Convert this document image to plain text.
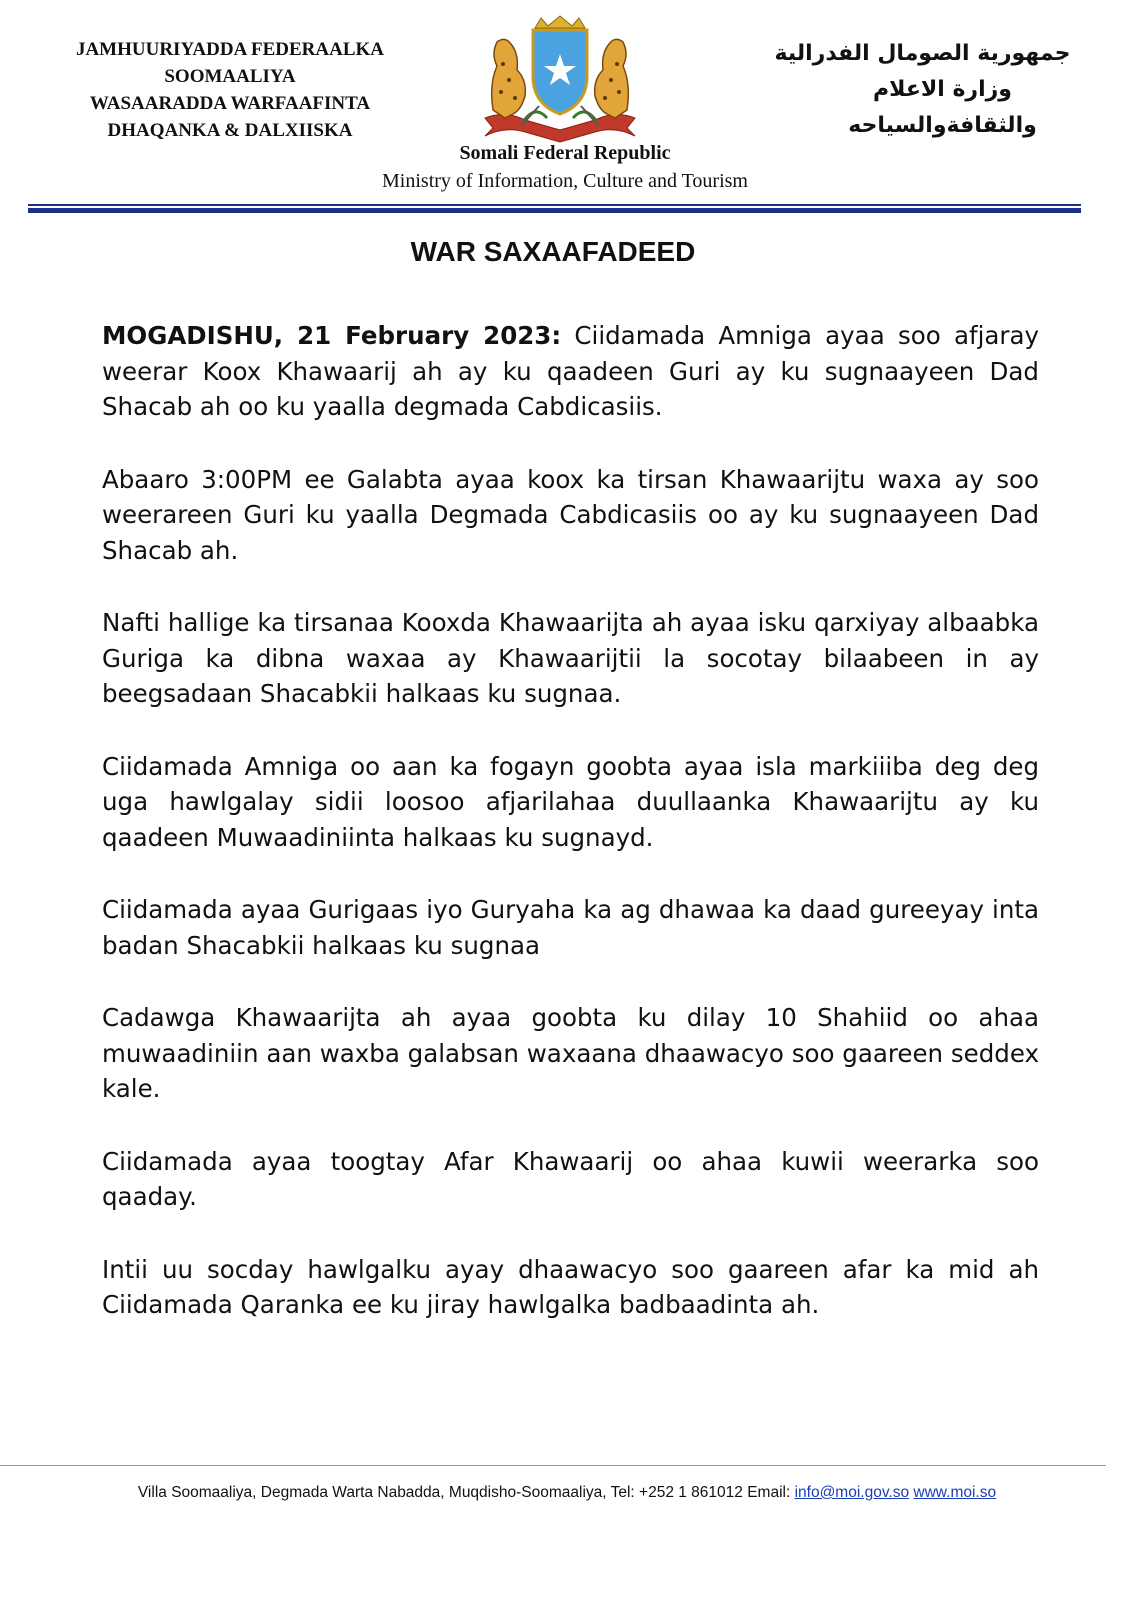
JAMHUURIYADDA FEDERAALKA
SOOMAALIYA
WASAARADDA WARFAAFINTA
DHAQANKA & DALXIISKA
جمهورية الصومال الفدرالية
وزارة الاعلام
والثقافةوالسياحه
Somali Federal Republic
Ministry of Information, Culture and Tourism
WAR SAXAAFADEED

MOGADISHU, 21 February 2023: Ciidamada Amniga ayaa soo afjaray weerar Koox Khawaarij ah ay ku qaadeen Guri ay ku sugnaayeen Dad Shacab ah oo ku yaalla degmada Cabdicasiis.

Abaaro 3:00PM ee Galabta ayaa koox ka tirsan Khawaarijtu waxa ay soo weerareen Guri ku yaalla Degmada Cabdicasiis oo ay ku sugnaayeen Dad Shacab ah.

Nafti hallige ka tirsanaa Kooxda Khawaarijta ah ayaa isku qarxiyay albaabka Guriga ka dibna waxaa ay Khawaarijtii la socotay bilaabeen in ay beegsadaan Shacabkii halkaas ku sugnaa.

Ciidamada Amniga oo aan ka fogayn goobta ayaa isla markiiiba deg deg uga hawlgalay sidii loosoo afjarilahaa duullaanka Khawaarijtu ay ku qaadeen Muwaadiniinta halkaas ku sugnayd.

Ciidamada ayaa Gurigaas iyo Guryaha ka ag dhawaa ka daad gureeyay inta badan Shacabkii halkaas ku sugnaa

Cadawga Khawaarijta ah ayaa goobta ku dilay 10 Shahiid oo ahaa muwaadiniin aan waxba galabsan waxaana dhaawacyo soo gaareen seddex kale.

Ciidamada ayaa toogtay Afar Khawaarij oo ahaa kuwii weerarka soo qaaday.

Intii uu socday hawlgalku ayay dhaawacyo soo gaareen afar ka mid ah Ciidamada Qaranka ee ku jiray hawlgalka badbaadinta ah.

Villa Soomaaliya, Degmada Warta Nabadda, Muqdisho-Soomaaliya, Tel: +252 1 861012 Email: info@moi.gov.so www.moi.so
